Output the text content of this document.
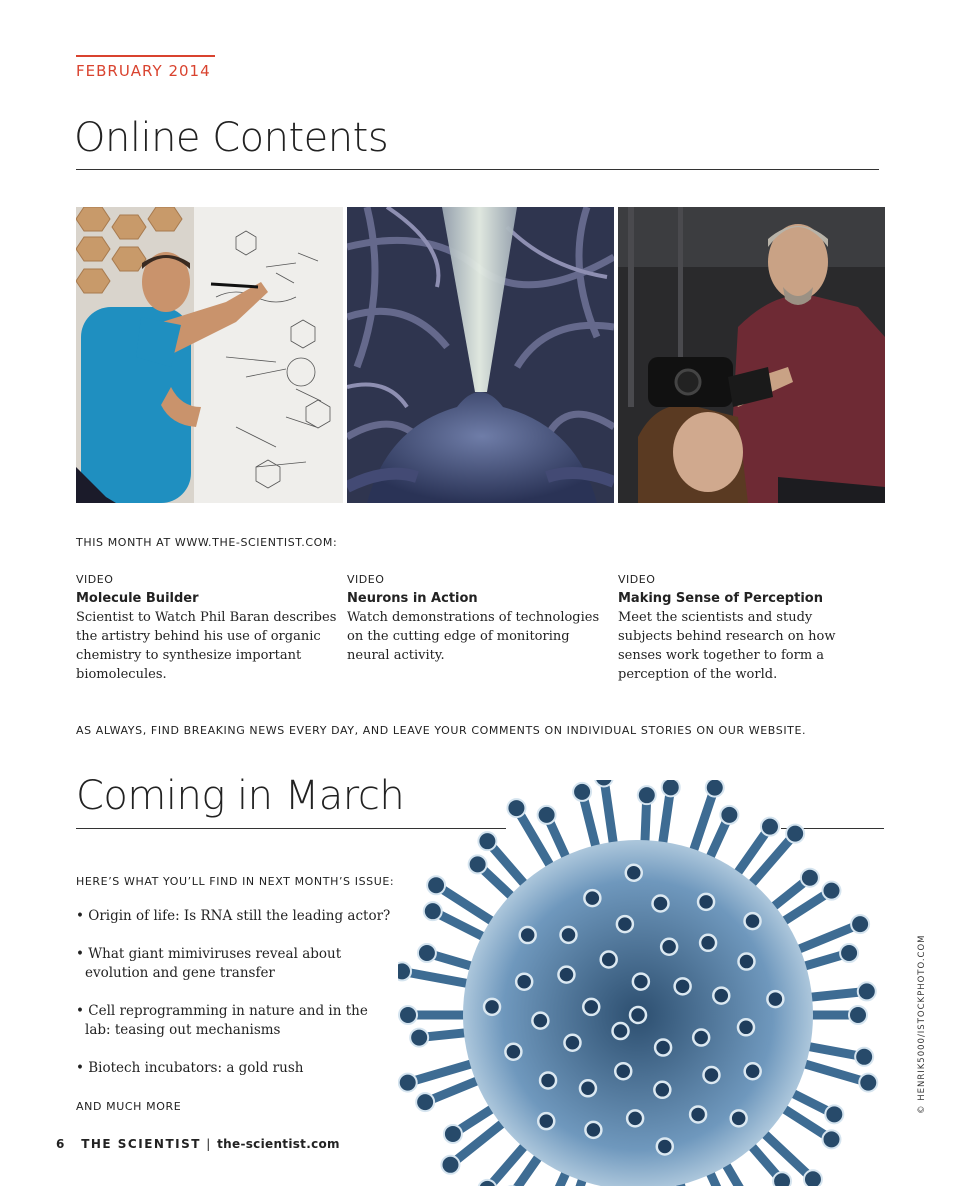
FEBRUARY 2014
Online Contents
THIS MONTH AT WWW.THE-SCIENTIST.COM:
VIDEO
Molecule Builder
Scientist to Watch Phil Baran describes the artistry behind his use of organic chemistry to synthesize important biomolecules.
VIDEO
Neurons in Action
Watch demonstrations of technologies on the cutting edge of monitoring neural activity.
VIDEO
Making Sense of Perception
Meet the scientists and study subjects behind research on how senses work together to form a perception of the world.
AS ALWAYS, FIND BREAKING NEWS EVERY DAY, AND LEAVE YOUR COMMENTS ON INDIVIDUAL STORIES ON OUR WEBSITE.
Coming in March
HERE’S WHAT YOU’LL FIND IN NEXT MONTH’S ISSUE:
• Origin of life: Is RNA still the leading actor?
• What giant mimiviruses reveal about evolution and gene transfer
• Cell reprogramming in nature and in the lab: teasing out mechanisms
• Biotech incubators: a gold rush
AND MUCH MORE	© HENRIK5000/ISTOCKPHOTO.COM
6 THE SCIENTIST | the-scientist.com
